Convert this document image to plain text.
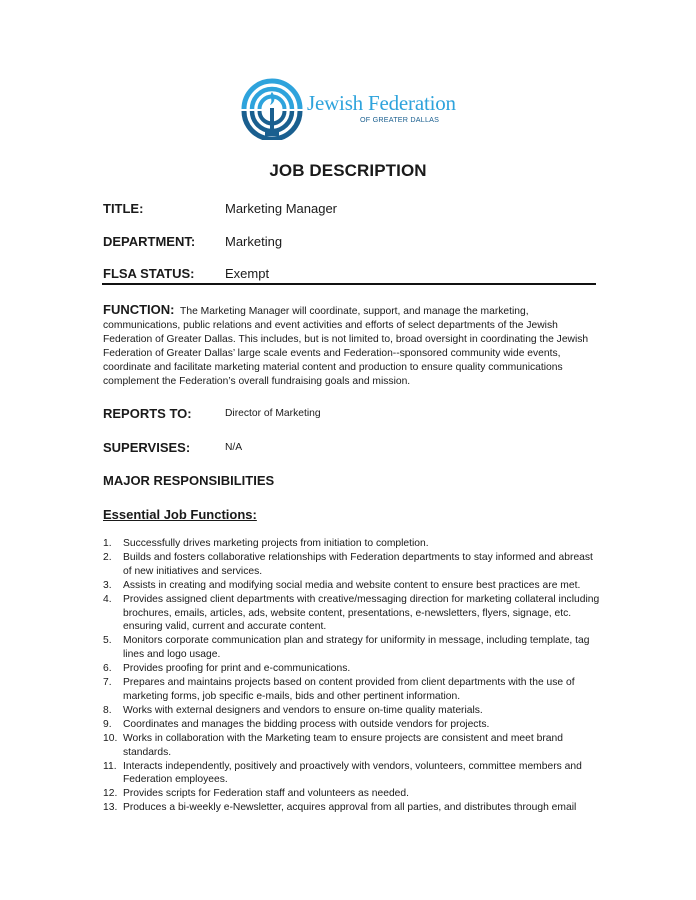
Jewish Federation
OF GREATER DALLAS
JOB DESCRIPTION
TITLE:	Marketing Manager
DEPARTMENT: Marketing
FLSA STATUS: Exempt
FUNCTION: The Marketing Manager will coordinate, support, and manage the marketing, communications, public relations and event activities and efforts of select departments of the Jewish Federation of Greater Dallas. This includes, but is not limited to, broad oversight in coordinating the Jewish Federation of Greater Dallas’ large scale events and Federation--sponsored community wide events, coordinate and facilitate marketing material content and production to ensure quality communications complement the Federation’s overall fundraising goals and mission.
REPORTS TO:	Director of Marketing
SUPERVISES:	N/A
MAJOR RESPONSIBILITIES
Essential Job Functions:
1. Successfully drives marketing projects from initiation to completion.
2. Builds and fosters collaborative relationships with Federation departments to stay informed and abreast of new initiatives and services.
3. Assists in creating and modifying social media and website content to ensure best practices are met.
4. Provides assigned client departments with creative/messaging direction for marketing collateral including brochures, emails, articles, ads, website content, presentations, e-newsletters, flyers, signage, etc. ensuring valid, current and accurate content.
5. Monitors corporate communication plan and strategy for uniformity in message, including template, tag lines and logo usage.
6. Provides proofing for print and e-communications.
7. Prepares and maintains projects based on content provided from client departments with the use of marketing forms, job specific e-mails, bids and other pertinent information.
8. Works with external designers and vendors to ensure on-time quality materials.
9. Coordinates and manages the bidding process with outside vendors for projects.
10. Works in collaboration with the Marketing team to ensure projects are consistent and meet brand standards.
11. Interacts independently, positively and proactively with vendors, volunteers, committee members and Federation employees.
12. Provides scripts for Federation staff and volunteers as needed.
13. Produces a bi-weekly e-Newsletter, acquires approval from all parties, and distributes through email
